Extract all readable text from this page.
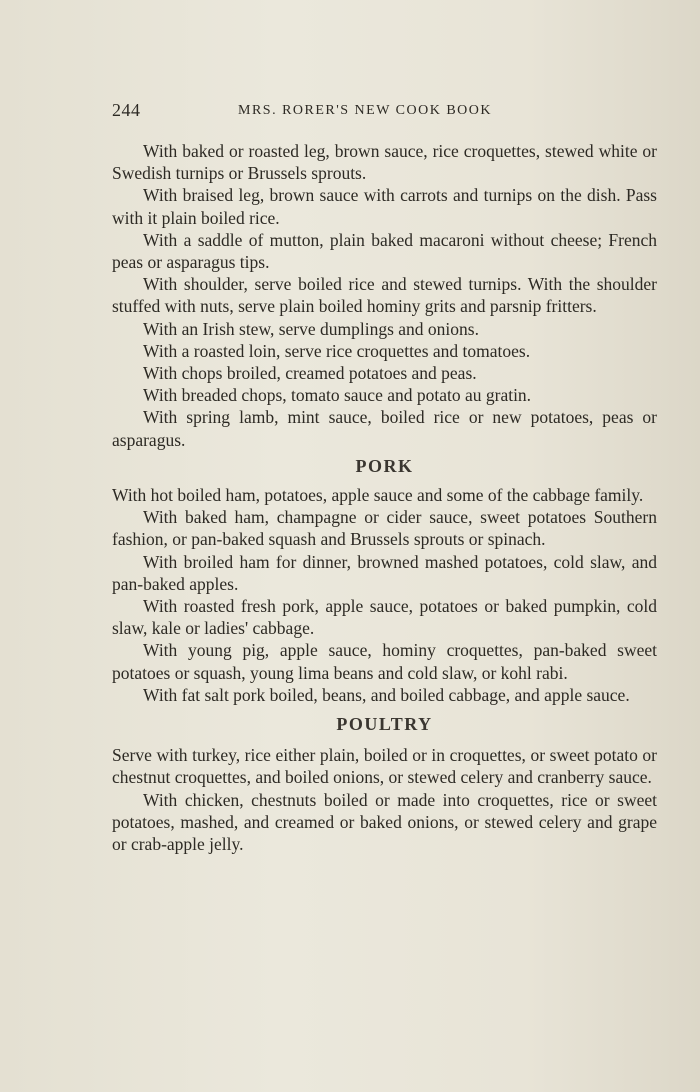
244	MRS. RORER'S NEW COOK BOOK

With baked or roasted leg, brown sauce, rice croquettes, stewed white or Swedish turnips or Brussels sprouts.

With braised leg, brown sauce with carrots and turnips on the dish. Pass with it plain boiled rice.

With a saddle of mutton, plain baked macaroni without cheese; French peas or asparagus tips.

With shoulder, serve boiled rice and stewed turnips. With the shoulder stuffed with nuts, serve plain boiled hominy grits and parsnip fritters.

With an Irish stew, serve dumplings and onions.

With a roasted loin, serve rice croquettes and tomatoes.

With chops broiled, creamed potatoes and peas.

With breaded chops, tomato sauce and potato au gratin.

With spring lamb, mint sauce, boiled rice or new potatoes, peas or asparagus.

PORK

With hot boiled ham, potatoes, apple sauce and some of the cabbage family.

With baked ham, champagne or cider sauce, sweet potatoes Southern fashion, or pan-baked squash and Brussels sprouts or spinach.

With broiled ham for dinner, browned mashed potatoes, cold slaw, and pan-baked apples.

With roasted fresh pork, apple sauce, potatoes or baked pumpkin, cold slaw, kale or ladies' cabbage.

With young pig, apple sauce, hominy croquettes, pan-baked sweet potatoes or squash, young lima beans and cold slaw, or kohl rabi.

With fat salt pork boiled, beans, and boiled cabbage, and apple sauce.

POULTRY

Serve with turkey, rice either plain, boiled or in croquettes, or sweet potato or chestnut croquettes, and boiled onions, or stewed celery and cranberry sauce.

With chicken, chestnuts boiled or made into croquettes, rice or sweet potatoes, mashed, and creamed or baked onions, or stewed celery and grape or crab-apple jelly.
